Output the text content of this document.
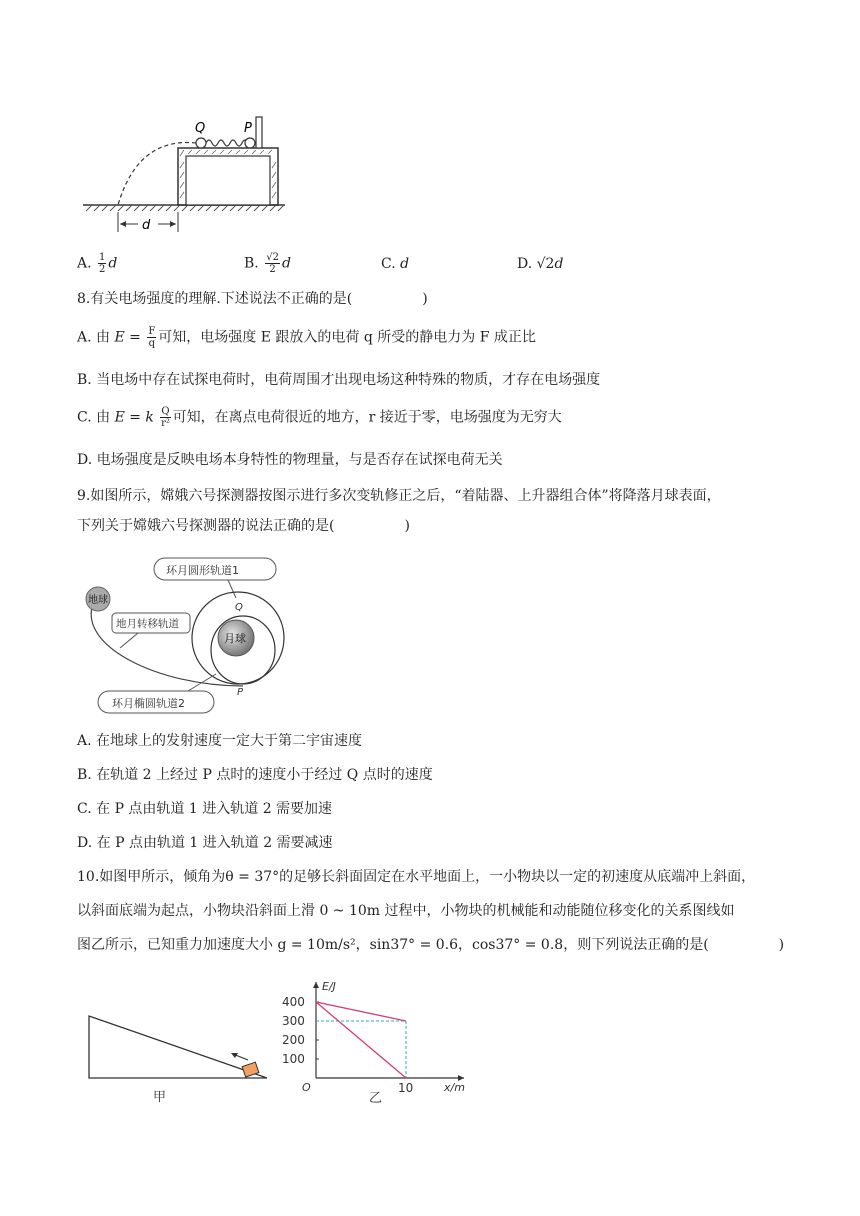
Q	P
d
A. $\frac{1}{2}$ d	B. $\frac{√2}{2}$ d	C. d	D. √2d
8.有关电场强度的理解.下述说法不正确的是(　　　　　)
A. 由 $E = \frac{F}{q}$ 可知，电场强度 E 跟放入的电荷 q 所受的静电力为 F 成正比
B. 当电场中存在试探电荷时，电荷周围才出现电场这种特殊的物质，才存在电场强度
C. 由 E = k $\frac{Q}{\text{r²}}$ 可知，在离点电荷很近的地方，r 接近于零，电场强度为无穷大
D. 电场强度是反映电场本身特性的物理量，与是否存在试探电荷无关
9.如图所示，嫦娥六号探测器按图示进行多次变轨修正之后，“着陆器、上升器组合体”将降落月球表面，
下列关于嫦娥六号探测器的说法正确的是(　　　　　)
环月圆形轨道1
地球
地月转移轨道
月球
Q
P
环月椭圆轨道2
A. 在地球上的发射速度一定大于第二宇宙速度
B. 在轨道 2 上经过 P 点时的速度小于经过 Q 点时的速度
C. 在 P 点由轨道 1 进入轨道 2 需要加速
D. 在 P 点由轨道 1 进入轨道 2 需要减速
10.如图甲所示，倾角为θ = 37°的足够长斜面固定在水平地面上，一小物块以一定的初速度从底端冲上斜面，
以斜面底端为起点，小物块沿斜面上滑 0 ~ 10m 过程中，小物块的机械能和动能随位移变化的关系图线如
图乙所示，已知重力加速度大小 g = 10m/s²，sin37° = 0.6，cos37° = 0.8，则下列说法正确的是(　　　　　)
甲	乙
E/J
x/m
O
100
200
300
400
10
